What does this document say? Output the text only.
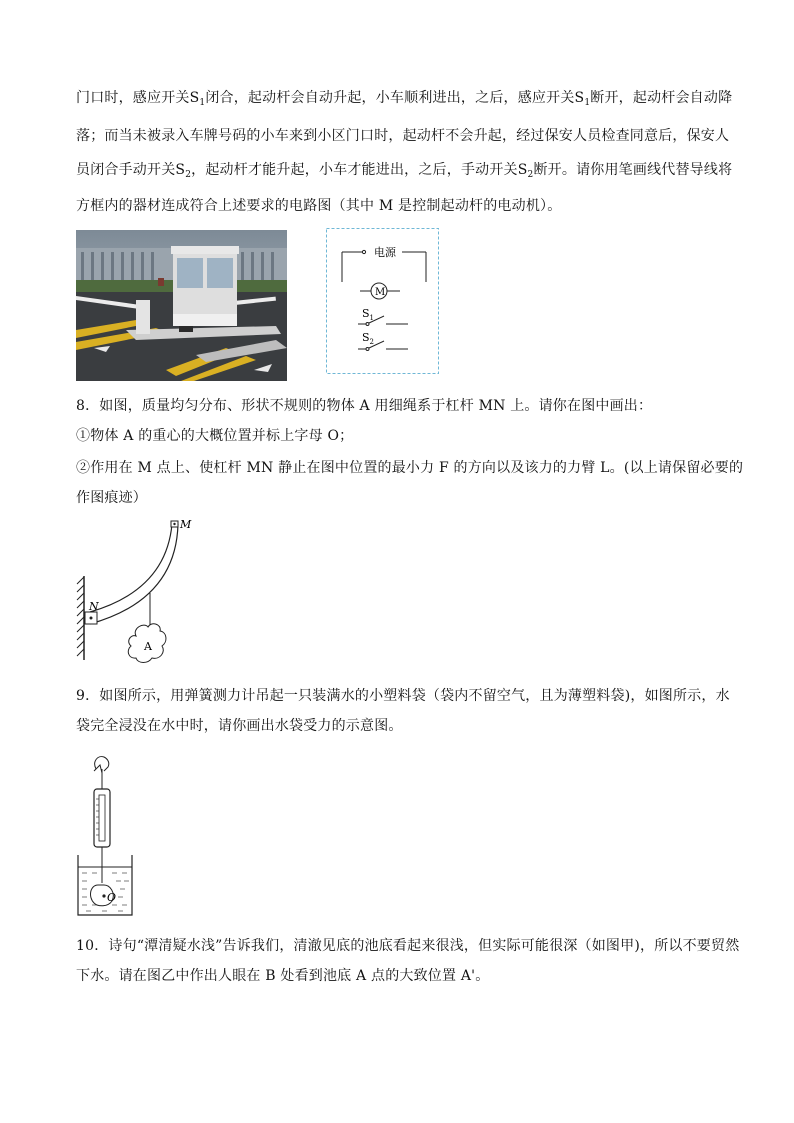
门口时，感应开关$S_1$闭合，起动杆会自动升起，小车顺利进出，之后，感应开关$S_1$断开，起动杆会自动降
落；而当未被录入车牌号码的小车来到小区门口时，起动杆不会升起，经过保安人员检查同意后，保安人
员闭合手动开关$S_2$，起动杆才能升起，小车才能进出，之后，手动开关$S_2$断开。请你用笔画线代替导线将
方框内的器材连成符合上述要求的电路图（其中 M 是控制起动杆的电动机）。
电源
M
$S_1$
$S_2$
8．如图，质量均匀分布、形状不规则的物体 A 用细绳系于杠杆 MN 上。请你在图中画出：
①物体 A 的重心的大概位置并标上字母 O；
②作用在 M 点上、使杠杆 MN 静止在图中位置的最小力 F 的方向以及该力的力臂 L。(以上请保留必要的
作图痕迹）
N
M
A
9．如图所示，用弹簧测力计吊起一只装满水的小塑料袋（袋内不留空气，且为薄塑料袋)，如图所示，水
袋完全浸没在水中时，请你画出水袋受力的示意图。
O
10．诗句“潭清疑水浅”告诉我们，清澈见底的池底看起来很浅，但实际可能很深（如图甲)，所以不要贸然
下水。请在图乙中作出人眼在 B 处看到池底 A 点的大致位置 A'。
